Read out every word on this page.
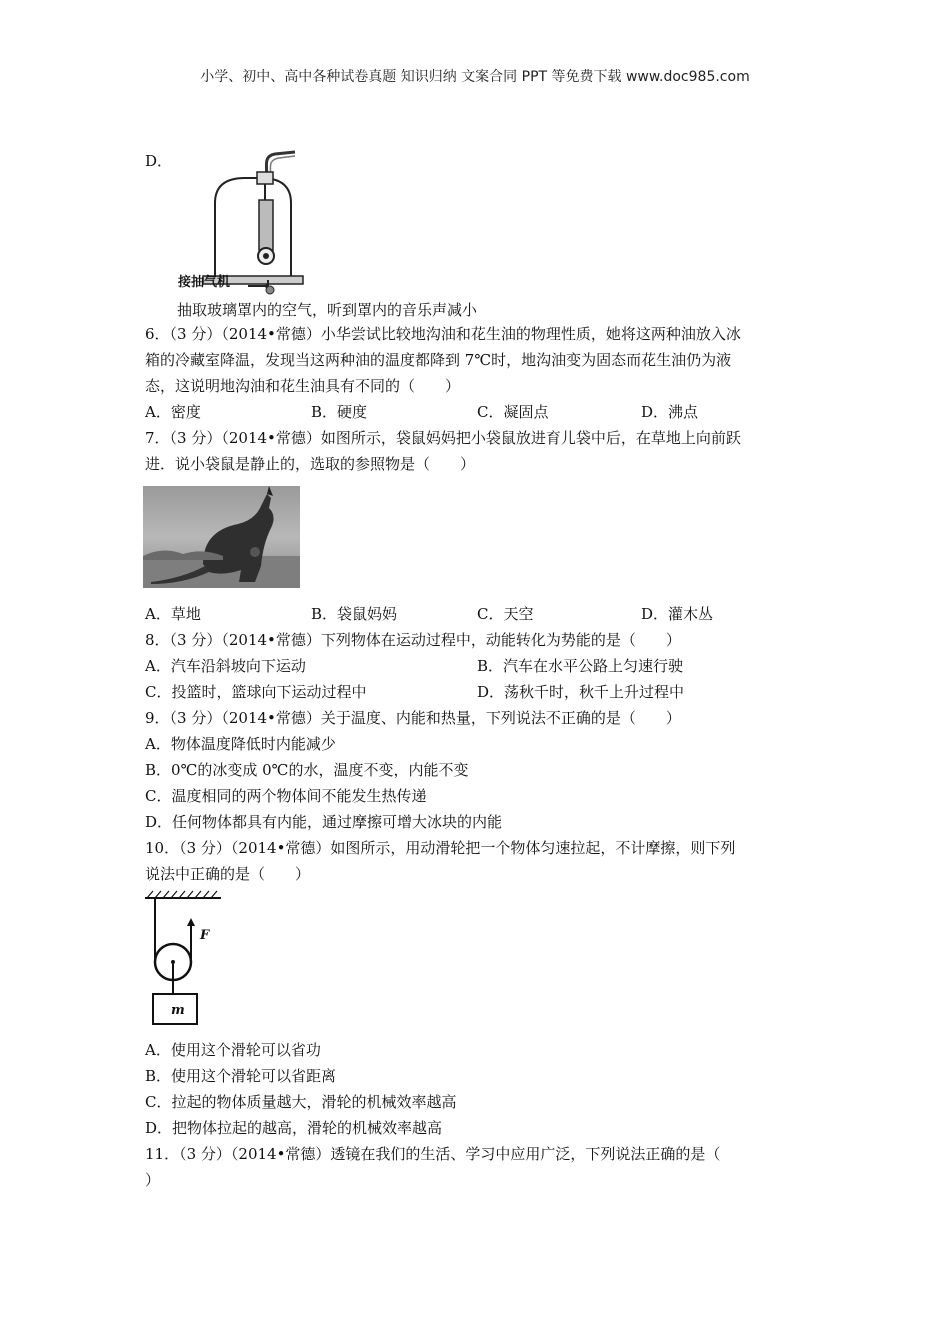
小学、初中、高中各种试卷真题 知识归纳 文案合同 PPT 等免费下载 www.doc985.com
D．
接抽气机
抽取玻璃罩内的空气，听到罩内的音乐声减小
6．（3 分）（2014•常德）小华尝试比较地沟油和花生油的物理性质，她将这两种油放入冰
箱的冷藏室降温，发现当这两种油的温度都降到 7℃时，地沟油变为固态而花生油仍为液
态，这说明地沟油和花生油具有不同的（　　）
A．密度	B．硬度	C．凝固点	D．沸点
7．（3 分）（2014•常德）如图所示，袋鼠妈妈把小袋鼠放进育儿袋中后，在草地上向前跃
进．说小袋鼠是静止的，选取的参照物是（　　）
A．草地	B．袋鼠妈妈	C．天空	D．灌木丛
8．（3 分）（2014•常德）下列物体在运动过程中，动能转化为势能的是（　　）
A．汽车沿斜坡向下运动	B．汽车在水平公路上匀速行驶
C．投篮时，篮球向下运动过程中	D．荡秋千时，秋千上升过程中
9．（3 分）（2014•常德）关于温度、内能和热量，下列说法不正确的是（　　）
A．物体温度降低时内能减少
B．0℃的冰变成 0℃的水，温度不变，内能不变
C．温度相同的两个物体间不能发生热传递
D．任何物体都具有内能，通过摩擦可增大冰块的内能
10．（3 分）（2014•常德）如图所示，用动滑轮把一个物体匀速拉起，不计摩擦，则下列
说法中正确的是（　　）
F
m
A．使用这个滑轮可以省功
B．使用这个滑轮可以省距离
C．拉起的物体质量越大，滑轮的机械效率越高
D．把物体拉起的越高，滑轮的机械效率越高
11．（3 分）（2014•常德）透镜在我们的生活、学习中应用广泛，下列说法正确的是（
）
